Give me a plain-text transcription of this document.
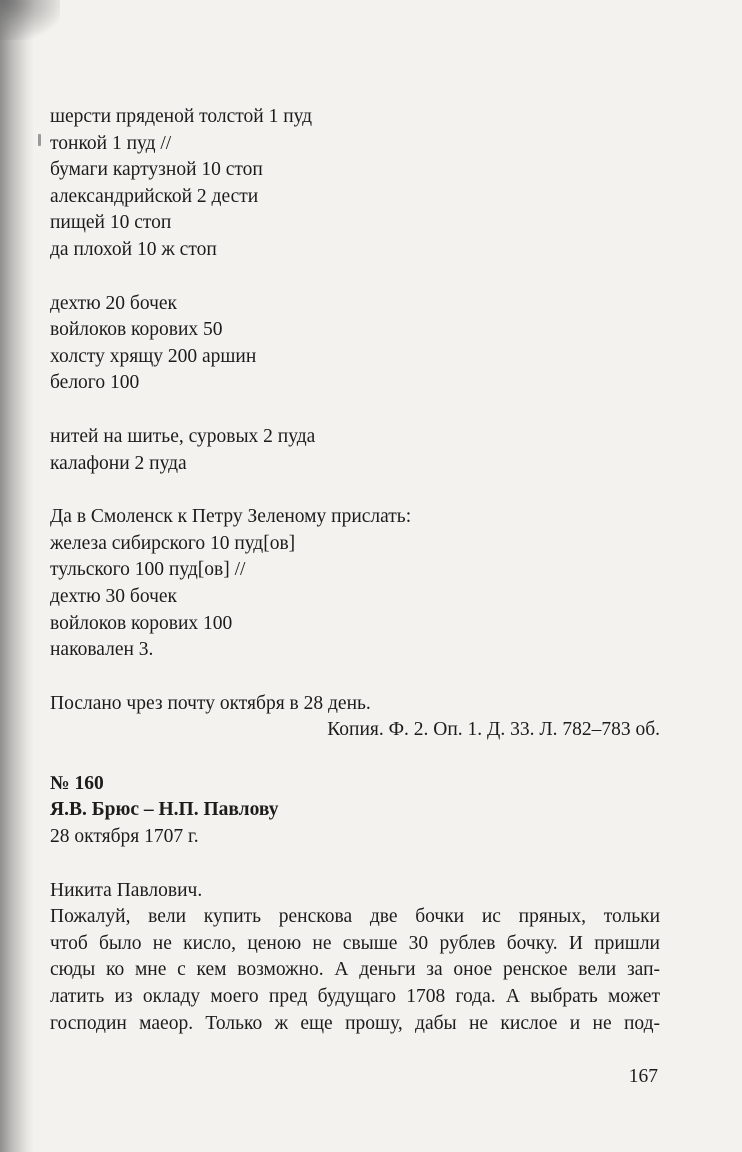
шерсти пряденой толстой 1 пуд
тонкой 1 пуд //
бумаги картузной 10 стоп
александрийской 2 дести
пищей 10 стоп
да плохой 10 ж стоп
дехтю 20 бочек
войлоков корових 50
холсту хрящу 200 аршин
белого 100
нитей на шитье, суровых 2 пуда
калафони 2 пуда
Да в Смоленск к Петру Зеленому прислать:
железа сибирского 10 пуд[ов]
тульского 100 пуд[ов] //
дехтю 30 бочек
войлоков корових 100
наковален 3.
Послано чрез почту октября в 28 день.
Копия. Ф. 2. Оп. 1. Д. 33. Л. 782–783 об.
№ 160
Я.В. Брюс – Н.П. Павлову
28 октября 1707 г.
Никита Павлович.
Пожалуй, вели купить ренскова две бочки ис пряных, тольки
чтоб было не кисло, ценою не свыше 30 рублев бочку. И пришли
сюды ко мне с кем возможно. А деньги за оное ренское вели зап-
латить из окладу моего пред будущаго 1708 года. А выбрать может
господин маеор. Только ж еще прошу, дабы не кислое и не под-
167
